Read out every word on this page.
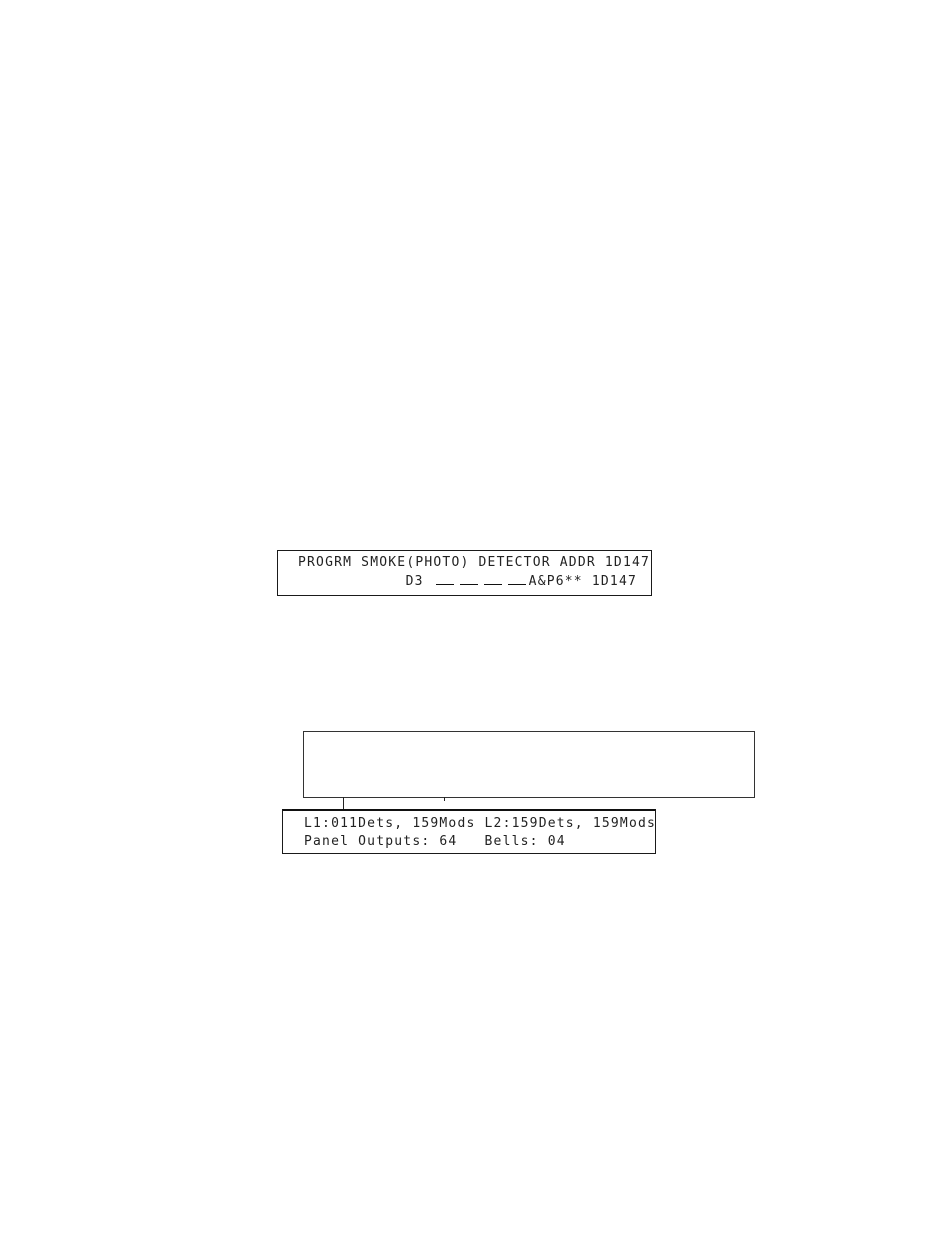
PROGRM SMOKE(PHOTO) DETECTOR ADDR 1D147
D3	A&P6** 1D147
L1:011Dets, 159Mods L2:159Dets, 159Mods
Panel Outputs: 64   Bells: 04
